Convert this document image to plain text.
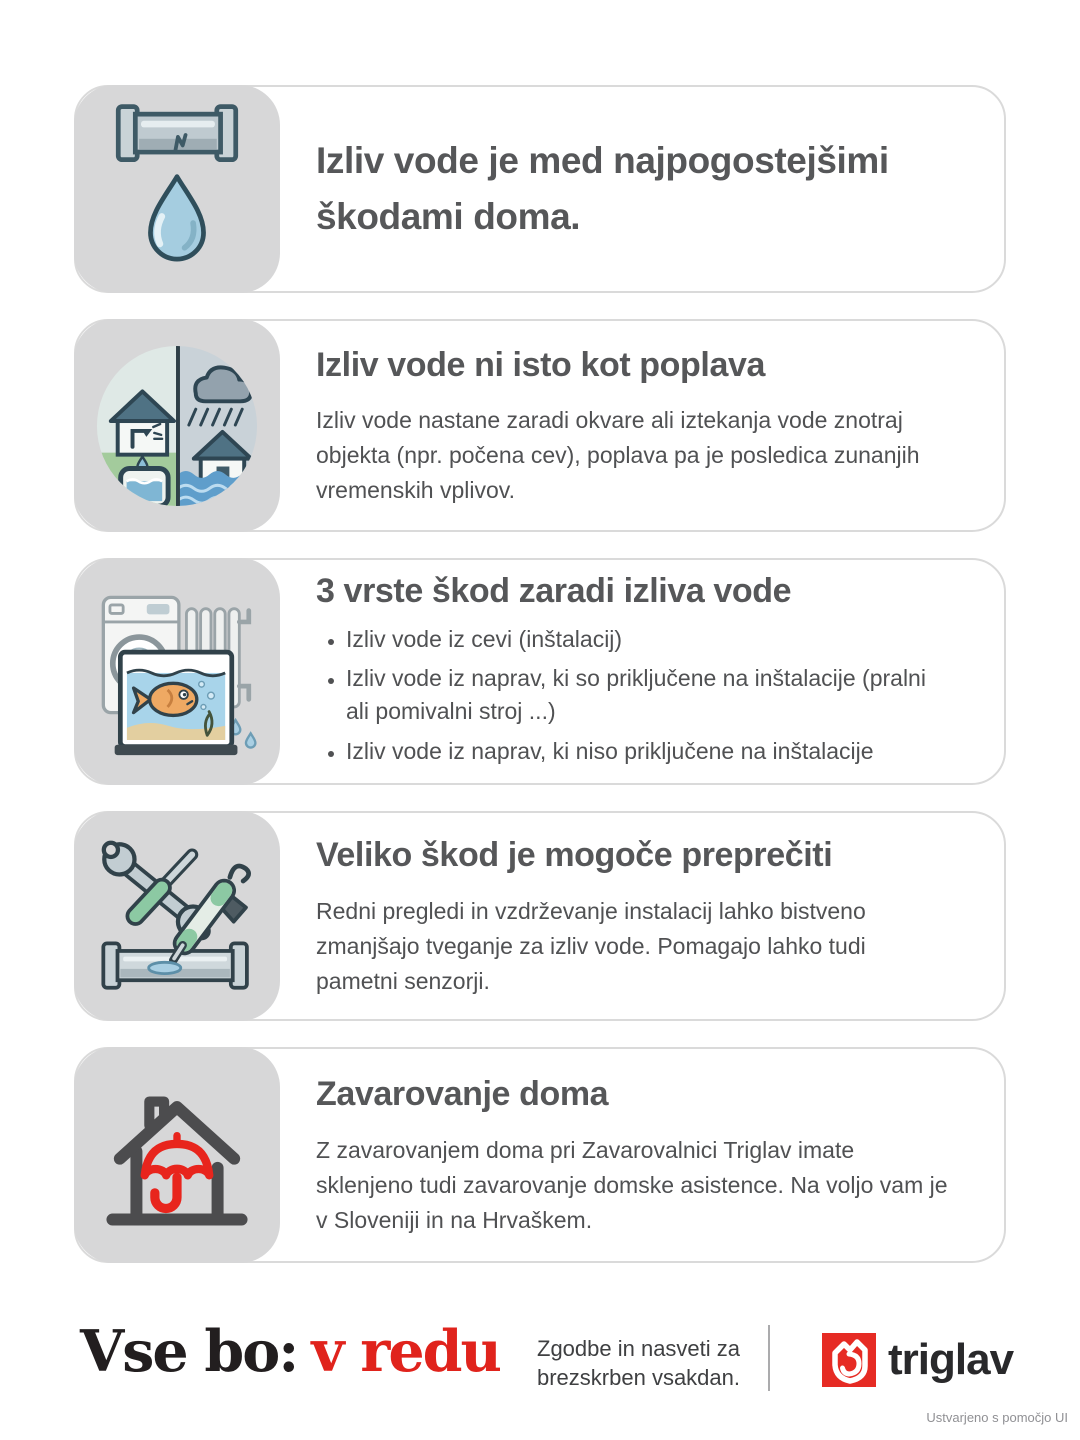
Izliv vode je med najpogostejšimi škodami doma.
Izliv vode ni isto kot poplava

Izliv vode nastane zaradi okvare ali iztekanja vode znotraj objekta (npr. počena cev), poplava pa je posledica zunanjih vremenskih vplivov.

3 vrste škod zaradi izliva vode
• Izliv vode iz cevi (inštalacij)
• Izliv vode iz naprav, ki so priključene na inštalacije (pralni ali pomivalni stroj ...)
• Izliv vode iz naprav, ki niso priključene na inštalacije
Veliko škod je mogoče preprečiti

Redni pregledi in vzdrževanje instalacij lahko bistveno zmanjšajo tveganje za izliv vode. Pomagajo lahko tudi pametni senzorji.

Zavarovanje doma

Z zavarovanjem doma pri Zavarovalnici Triglav imate sklenjeno tudi zavarovanje domske asistence. Na voljo vam je v Sloveniji in na Hrvaškem.

Vse bo: v redu Zgodbe in nasveti za
brezskrben vsakdan.	triglav
Ustvarjeno s pomočjo UI
